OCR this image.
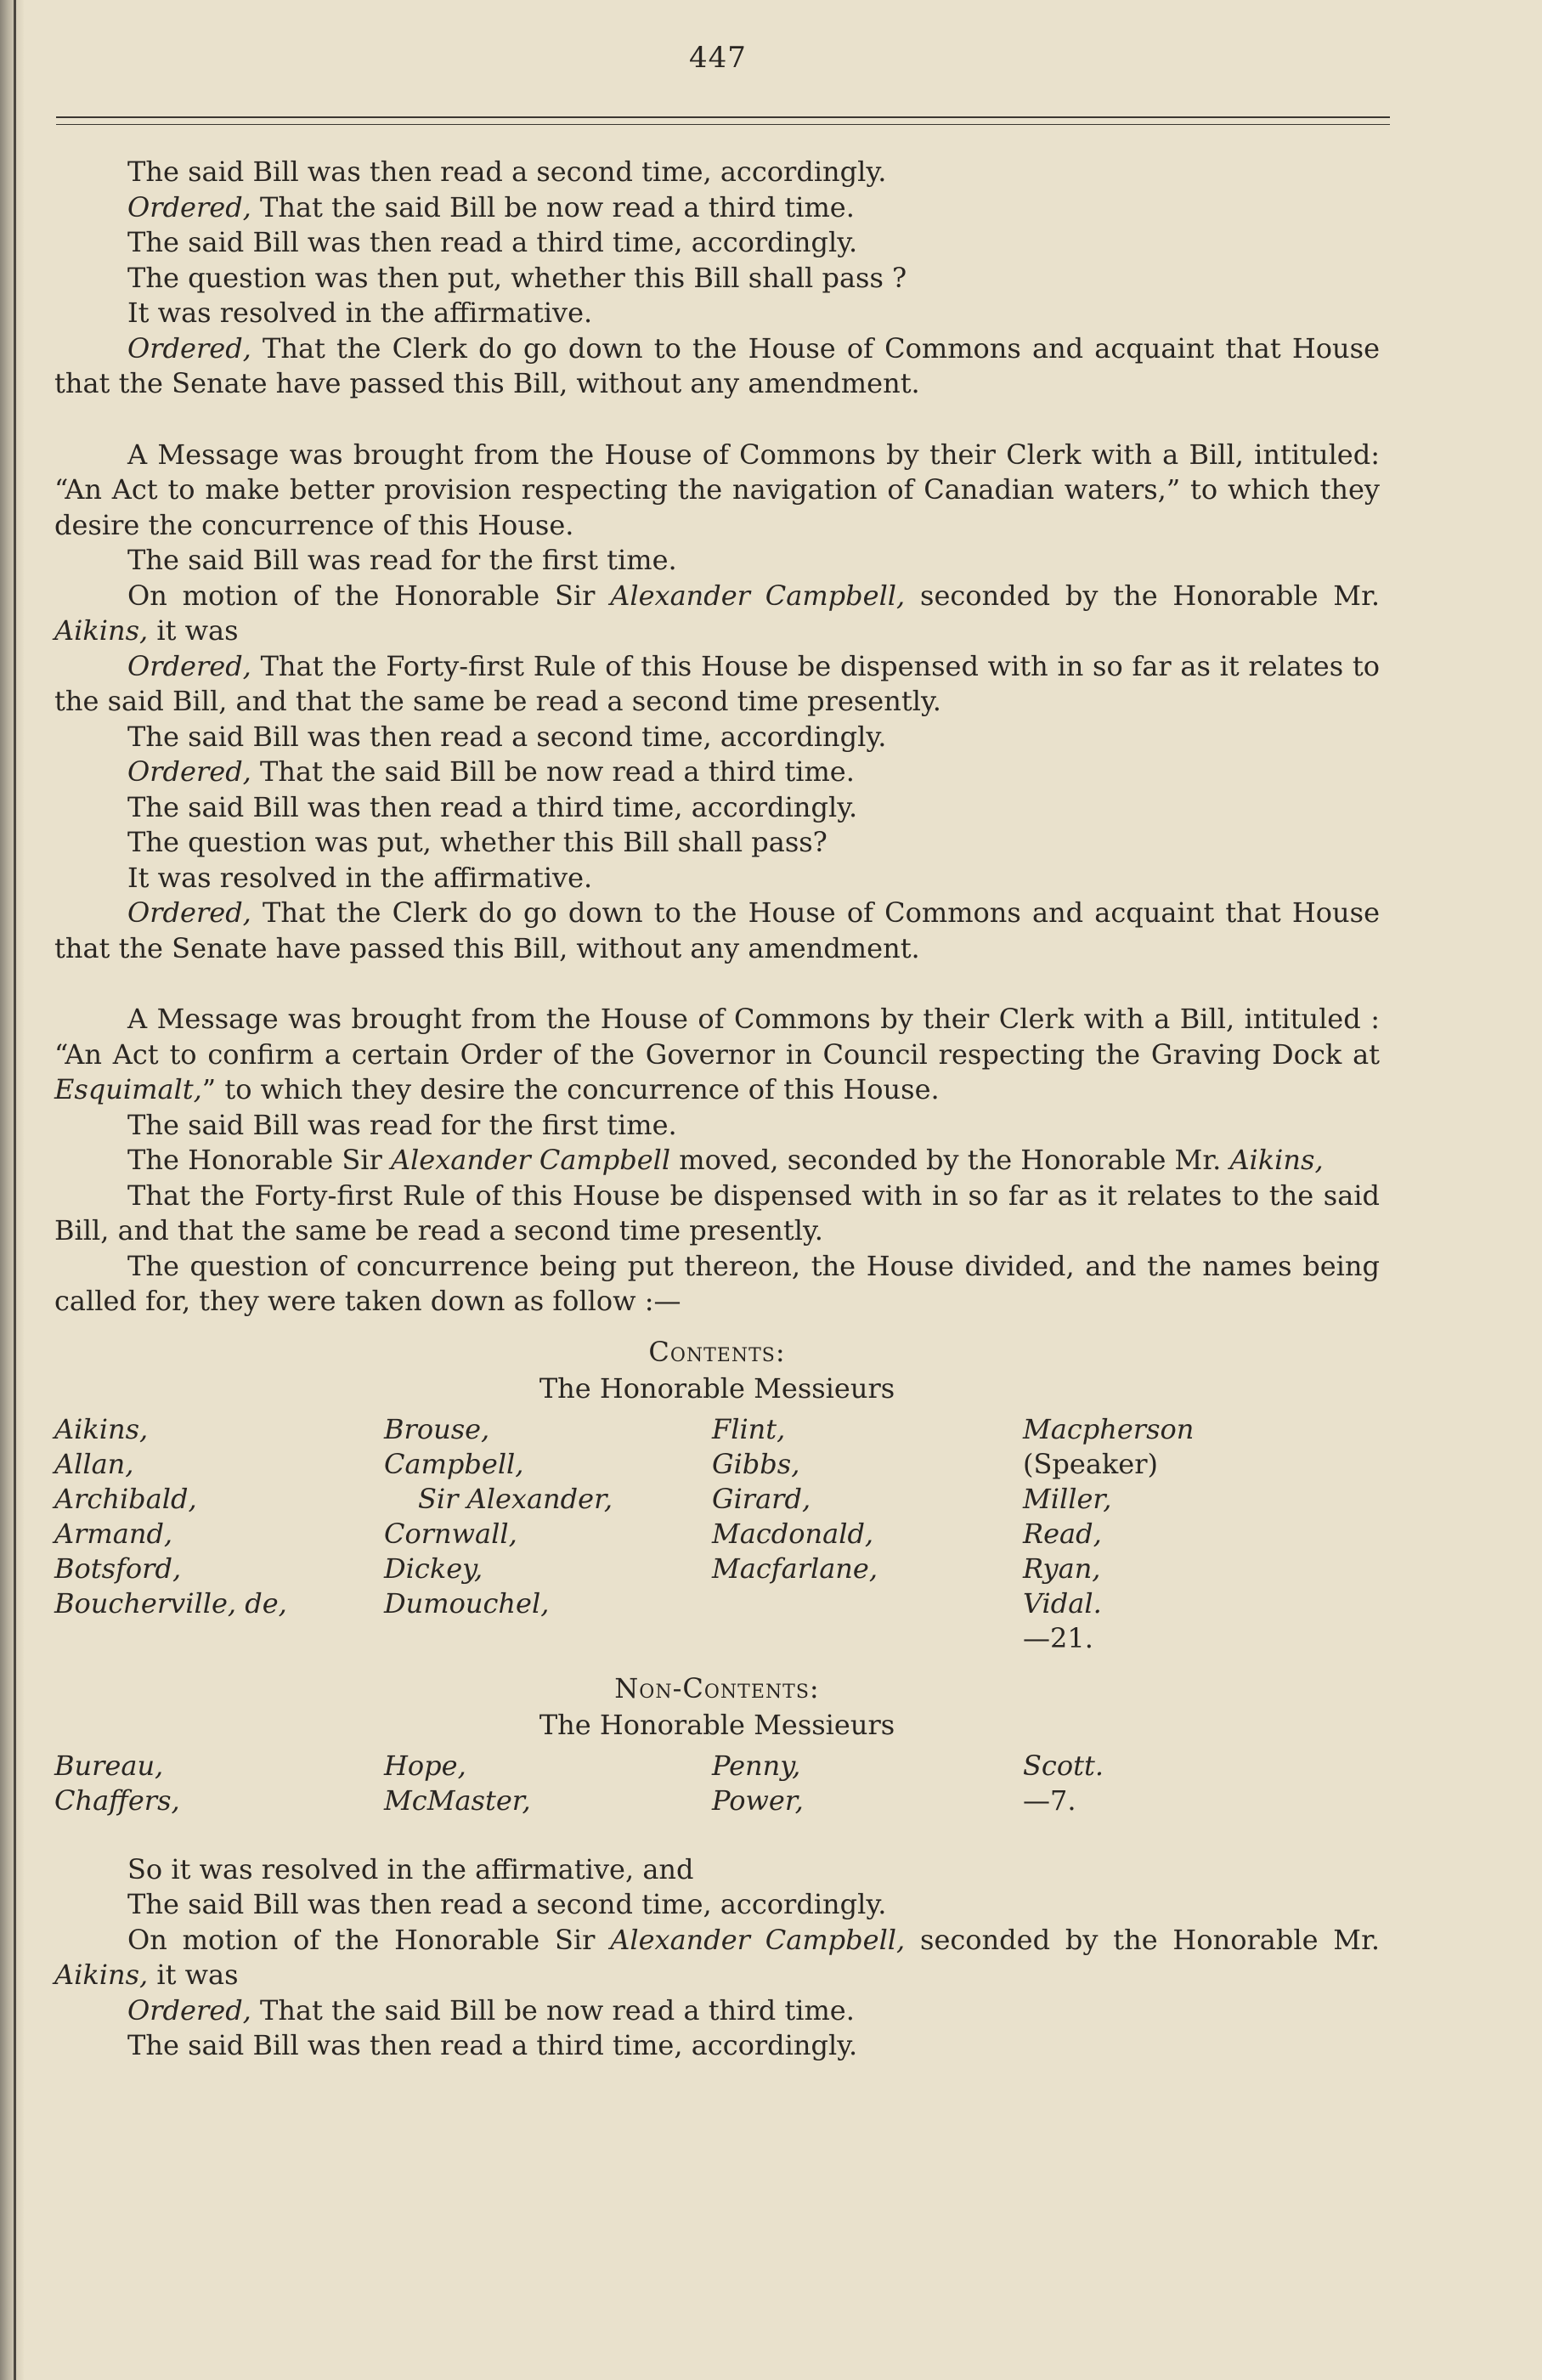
447
The said Bill was then read a second time, accordingly.
Ordered, That the said Bill be now read a third time.
The said Bill was then read a third time, accordingly.
The question was then put, whether this Bill shall pass ?
It was resolved in the affirmative.
Ordered, That the Clerk do go down to the House of Commons and acquaint that House that the Senate have passed this Bill, without any amendment.
A Message was brought from the House of Commons by their Clerk with a Bill, intituled: “An Act to make better provision respecting the navigation of Canadian waters,” to which they desire the concurrence of this House.
The said Bill was read for the first time.
On motion of the Honorable Sir Alexander Campbell, seconded by the Honorable Mr. Aikins, it was
Ordered, That the Forty-first Rule of this House be dispensed with in so far as it relates to the said Bill, and that the same be read a second time presently.
The said Bill was then read a second time, accordingly.
Ordered, That the said Bill be now read a third time.
The said Bill was then read a third time, accordingly.
The question was put, whether this Bill shall pass?
It was resolved in the affirmative.
Ordered, That the Clerk do go down to the House of Commons and acquaint that House that the Senate have passed this Bill, without any amendment.
A Message was brought from the House of Commons by their Clerk with a Bill, intituled : “An Act to confirm a certain Order of the Governor in Council respecting the Graving Dock at Esquimalt,” to which they desire the concurrence of this House.
The said Bill was read for the first time.
The Honorable Sir Alexander Campbell moved, seconded by the Honorable Mr. Aikins,
That the Forty-first Rule of this House be dispensed with in so far as it relates to the said Bill, and that the same be read a second time presently.
The question of concurrence being put thereon, the House divided, and the names being called for, they were taken down as follow :—
Contents:
The Honorable Messieurs
Aikins,
Allan,
Archibald,
Armand,
Botsford,
Boucherville, de,
Brouse,
Campbell,
Sir Alexander,
Cornwall,
Dickey,
Dumouchel,
Flint,
Gibbs,
Girard,
Macdonald,
Macfarlane,
Macpherson
(Speaker)
Miller,
Read,
Ryan,
Vidal.
—21.
Non-Contents:
The Honorable Messieurs
Bureau,
Chaffers,
Hope,
McMaster,
Penny,
Power,
Scott.
—7.
So it was resolved in the affirmative, and
The said Bill was then read a second time, accordingly.
On motion of the Honorable Sir Alexander Campbell, seconded by the Honorable Mr. Aikins, it was
Ordered, That the said Bill be now read a third time.
The said Bill was then read a third time, accordingly.
